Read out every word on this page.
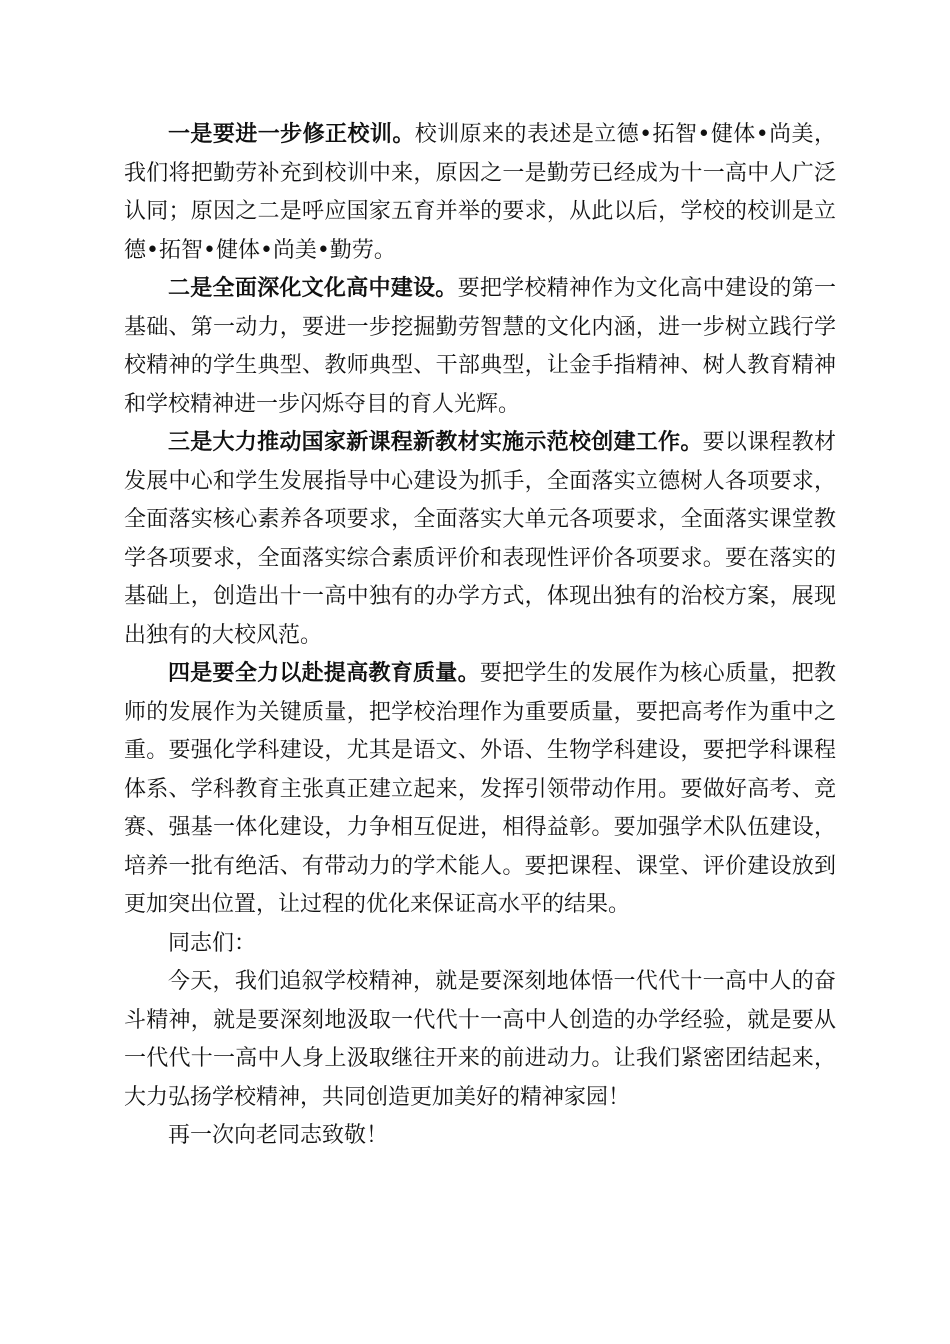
一是要进一步修正校训。校训原来的表述是立德•拓智•健体•尚美，我们将把勤劳补充到校训中来，原因之一是勤劳已经成为十一高中人广泛认同；原因之二是呼应国家五育并举的要求，从此以后，学校的校训是立德•拓智•健体•尚美•勤劳。

二是全面深化文化高中建设。要把学校精神作为文化高中建设的第一基础、第一动力，要进一步挖掘勤劳智慧的文化内涵，进一步树立践行学校精神的学生典型、教师典型、干部典型，让金手指精神、树人教育精神和学校精神进一步闪烁夺目的育人光辉。

三是大力推动国家新课程新教材实施示范校创建工作。要以课程教材发展中心和学生发展指导中心建设为抓手，全面落实立德树人各项要求，全面落实核心素养各项要求，全面落实大单元各项要求，全面落实课堂教学各项要求，全面落实综合素质评价和表现性评价各项要求。要在落实的基础上，创造出十一高中独有的办学方式，体现出独有的治校方案，展现出独有的大校风范。

四是要全力以赴提高教育质量。要把学生的发展作为核心质量，把教师的发展作为关键质量，把学校治理作为重要质量，要把高考作为重中之重。要强化学科建设，尤其是语文、外语、生物学科建设，要把学科课程体系、学科教育主张真正建立起来，发挥引领带动作用。要做好高考、竞赛、强基一体化建设，力争相互促进，相得益彰。要加强学术队伍建设，培养一批有绝活、有带动力的学术能人。要把课程、课堂、评价建设放到更加突出位置，让过程的优化来保证高水平的结果。

同志们：

今天，我们追叙学校精神，就是要深刻地体悟一代代十一高中人的奋斗精神，就是要深刻地汲取一代代十一高中人创造的办学经验，就是要从一代代十一高中人身上汲取继往开来的前进动力。让我们紧密团结起来，大力弘扬学校精神，共同创造更加美好的精神家园！

再一次向老同志致敬！
